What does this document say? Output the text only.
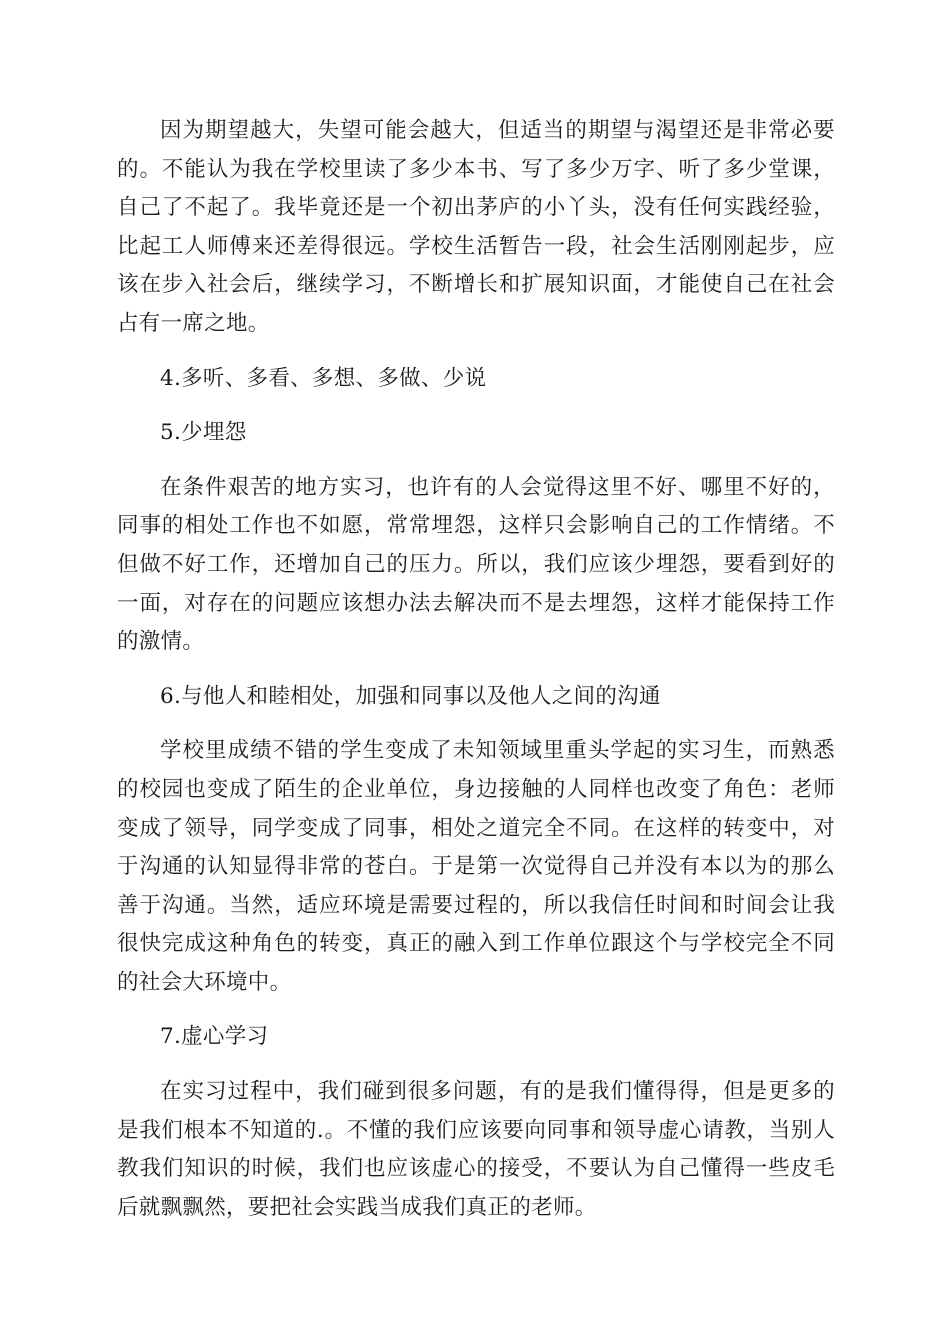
因为期望越大，失望可能会越大，但适当的期望与渴望还是非常必要的。不能认为我在学校里读了多少本书、写了多少万字、听了多少堂课，自己了不起了。我毕竟还是一个初出茅庐的小丫头，没有任何实践经验，比起工人师傅来还差得很远。学校生活暂告一段，社会生活刚刚起步，应该在步入社会后，继续学习，不断增长和扩展知识面，才能使自己在社会占有一席之地。

4.多听、多看、多想、多做、少说

5.少埋怨

在条件艰苦的地方实习，也许有的人会觉得这里不好、哪里不好的，同事的相处工作也不如愿，常常埋怨，这样只会影响自己的工作情绪。不但做不好工作，还增加自己的压力。所以，我们应该少埋怨，要看到好的一面，对存在的问题应该想办法去解决而不是去埋怨，这样才能保持工作的激情。

6.与他人和睦相处，加强和同事以及他人之间的沟通

学校里成绩不错的学生变成了未知领域里重头学起的实习生，而熟悉的校园也变成了陌生的企业单位，身边接触的人同样也改变了角色：老师变成了领导，同学变成了同事，相处之道完全不同。在这样的转变中，对于沟通的认知显得非常的苍白。于是第一次觉得自己并没有本以为的那么善于沟通。当然，适应环境是需要过程的，所以我信任时间和时间会让我很快完成这种角色的转变，真正的融入到工作单位跟这个与学校完全不同的社会大环境中。

7.虚心学习

在实习过程中，我们碰到很多问题，有的是我们懂得得，但是更多的是我们根本不知道的.。不懂的我们应该要向同事和领导虚心请教，当别人教我们知识的时候，我们也应该虚心的接受，不要认为自己懂得一些皮毛后就飘飘然，要把社会实践当成我们真正的老师。
